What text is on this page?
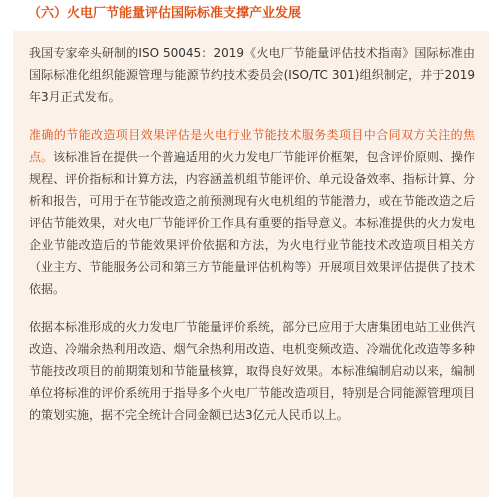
（六）火电厂节能量评估国际标准支撑产业发展

我国专家牵头研制的ISO 50045：2019《火电厂节能量评估技术指南》国际标准由国际标准化组织能源管理与能源节约技术委员会(ISO/TC 301)组织制定，并于2019年3月正式发布。

准确的节能改造项目效果评估是火电行业节能技术服务类项目中合同双方关注的焦点。该标准旨在提供一个普遍适用的火力发电厂节能评价框架，包含评价原则、操作规程、评价指标和计算方法，内容涵盖机组节能评价、单元设备效率、指标计算、分析和报告，可用于在节能改造之前预测现有火电机组的节能潜力，或在节能改造之后评估节能效果，对火电厂节能评价工作具有重要的指导意义。本标准提供的火力发电企业节能改造后的节能效果评价依据和方法，为火电行业节能技术改造项目相关方（业主方、节能服务公司和第三方节能量评估机构等）开展项目效果评估提供了技术依据。

依据本标准形成的火力发电厂节能量评价系统，部分已应用于大唐集团电站工业供汽改造、冷端余热利用改造、烟气余热利用改造、电机变频改造、冷端优化改造等多种节能技改项目的前期策划和节能量核算，取得良好效果。本标准编制启动以来，编制单位将标准的评价系统用于指导多个火电厂节能改造项目，特别是合同能源管理项目的策划实施，据不完全统计合同金额已达3亿元人民币以上。
